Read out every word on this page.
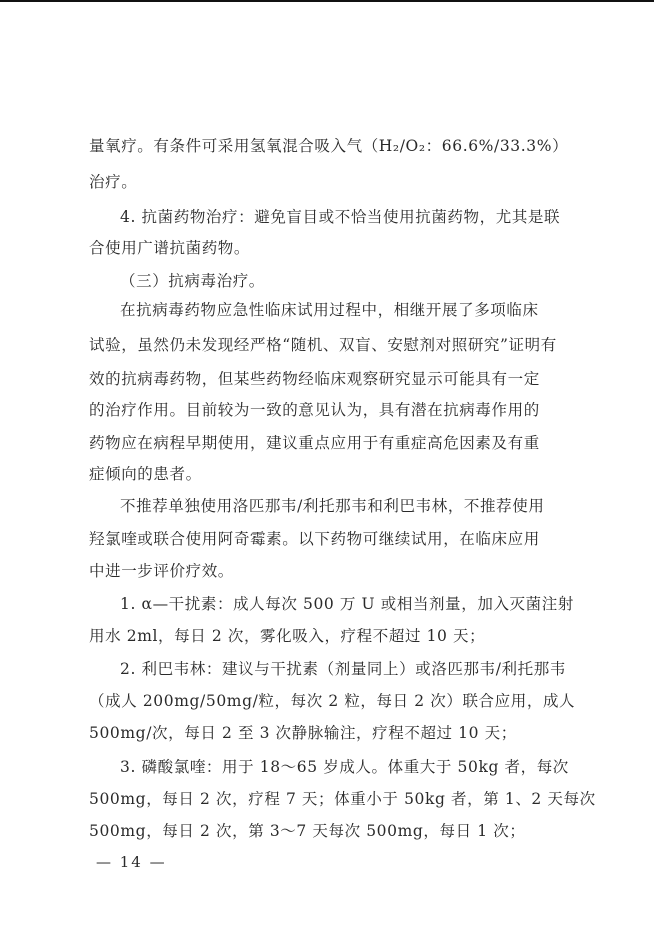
量氧疗。有条件可采用氢氧混合吸入气（H₂/O₂：66.6%/33.3%）
治疗。
4. 抗菌药物治疗：避免盲目或不恰当使用抗菌药物，尤其是联
合使用广谱抗菌药物。
（三）抗病毒治疗。
在抗病毒药物应急性临床试用过程中，相继开展了多项临床
试验，虽然仍未发现经严格“随机、双盲、安慰剂对照研究”证明有
效的抗病毒药物，但某些药物经临床观察研究显示可能具有一定
的治疗作用。目前较为一致的意见认为，具有潜在抗病毒作用的
药物应在病程早期使用，建议重点应用于有重症高危因素及有重
症倾向的患者。
不推荐单独使用洛匹那韦/利托那韦和利巴韦林，不推荐使用
羟氯喹或联合使用阿奇霉素。以下药物可继续试用，在临床应用
中进一步评价疗效。
1. α—干扰素：成人每次 500 万 U 或相当剂量，加入灭菌注射
用水 2ml，每日 2 次，雾化吸入，疗程不超过 10 天；
2. 利巴韦林：建议与干扰素（剂量同上）或洛匹那韦/利托那韦
（成人 200mg/50mg/粒，每次 2 粒，每日 2 次）联合应用，成人
500mg/次，每日 2 至 3 次静脉输注，疗程不超过 10 天；
3. 磷酸氯喹：用于 18～65 岁成人。体重大于 50kg 者，每次
500mg，每日 2 次，疗程 7 天；体重小于 50kg 者，第 1、2 天每次
500mg，每日 2 次，第 3～7 天每次 500mg，每日 1 次；
— 14 —
